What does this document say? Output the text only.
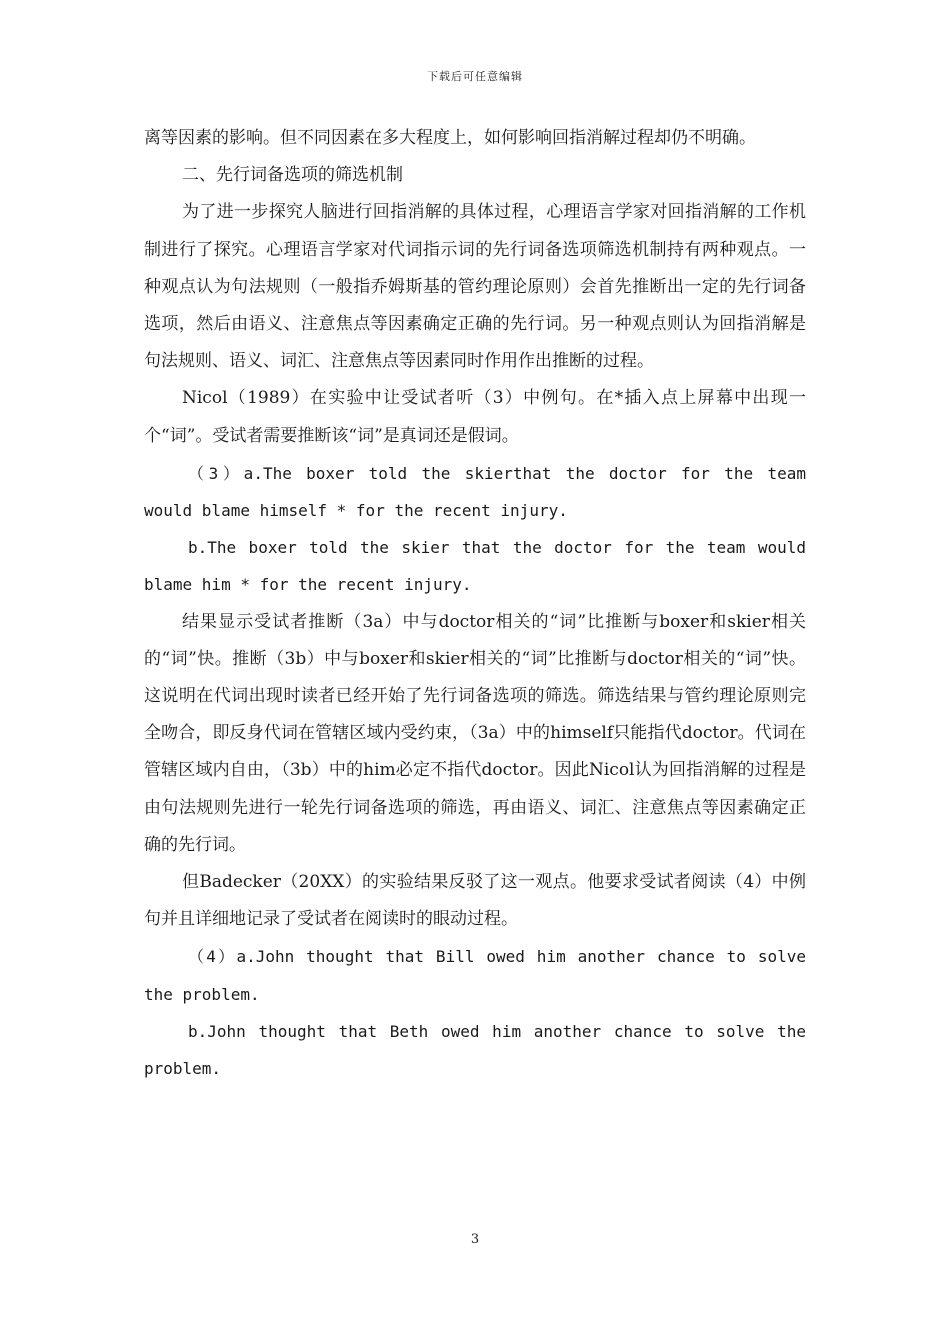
下载后可任意编辑

离等因素的影响。但不同因素在多大程度上，如何影响回指消解过程却仍不明确。

二、先行词备选项的筛选机制

为了进一步探究人脑进行回指消解的具体过程，心理语言学家对回指消解的工作机制进行了探究。心理语言学家对代词指示词的先行词备选项筛选机制持有两种观点。一种观点认为句法规则（一般指乔姆斯基的管约理论原则）会首先推断出一定的先行词备选项，然后由语义、注意焦点等因素确定正确的先行词。另一种观点则认为回指消解是句法规则、语义、词汇、注意焦点等因素同时作用作出推断的过程。

Nicol（1989）在实验中让受试者听（3）中例句。在*插入点上屏幕中出现一个“词”。受试者需要推断该“词”是真词还是假词。

（3）a.The boxer told the skierthat the doctor for the team would blame himself * for the recent injury.

b.The boxer told the skier that the doctor for the team would blame him * for the recent injury.

结果显示受试者推断（3a）中与doctor相关的“词”比推断与boxer和skier相关的“词”快。推断（3b）中与boxer和skier相关的“词”比推断与doctor相关的“词”快。这说明在代词出现时读者已经开始了先行词备选项的筛选。筛选结果与管约理论原则完全吻合，即反身代词在管辖区域内受约束，（3a）中的himself只能指代doctor。代词在管辖区域内自由，（3b）中的him必定不指代doctor。因此Nicol认为回指消解的过程是由句法规则先进行一轮先行词备选项的筛选，再由语义、词汇、注意焦点等因素确定正确的先行词。

但Badecker（20XX）的实验结果反驳了这一观点。他要求受试者阅读（4）中例句并且详细地记录了受试者在阅读时的眼动过程。

（4）a.John thought that Bill owed him another chance to solve the problem.

b.John thought that Beth owed him another chance to solve the problem.

3
